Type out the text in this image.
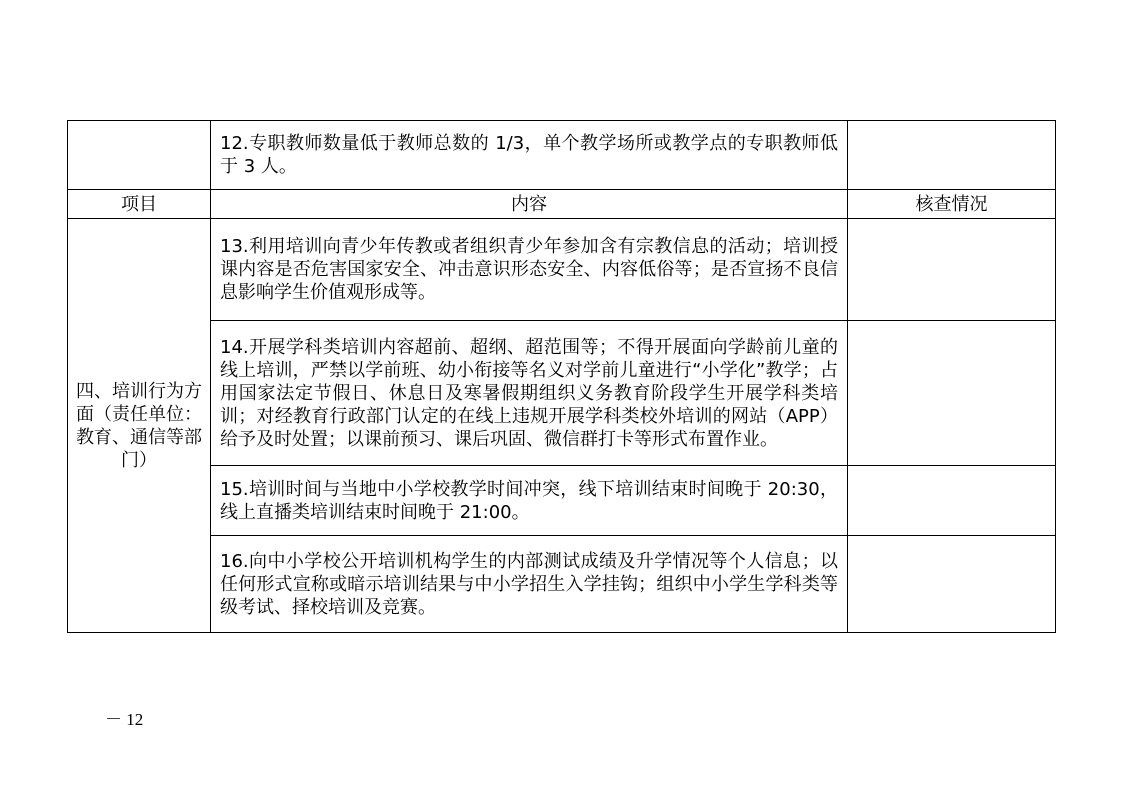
	12.专职教师数量低于教师总数的 1/3，单个教学场所或教学点的专职教师低于 3 人。	
项目	内容	核查情况
四、培训行为方面（责任单位：教育、通信等部门）	13.利用培训向青少年传教或者组织青少年参加含有宗教信息的活动；培训授课内容是否危害国家安全、冲击意识形态安全、内容低俗等；是否宣扬不良信息影响学生价值观形成等。	
	14.开展学科类培训内容超前、超纲、超范围等；不得开展面向学龄前儿童的线上培训，严禁以学前班、幼小衔接等名义对学前儿童进行“小学化”教学；占用国家法定节假日、休息日及寒暑假期组织义务教育阶段学生开展学科类培训；对经教育行政部门认定的在线上违规开展学科类校外培训的网站（APP）给予及时处置；以课前预习、课后巩固、微信群打卡等形式布置作业。	
	15.培训时间与当地中小学校教学时间冲突，线下培训结束时间晚于 20:30，线上直播类培训结束时间晚于 21:00。	
	16.向中小学校公开培训机构学生的内部测试成绩及升学情况等个人信息；以任何形式宣称或暗示培训结果与中小学招生入学挂钩；组织中小学生学科类等级考试、择校培训及竞赛。	
－ 12
